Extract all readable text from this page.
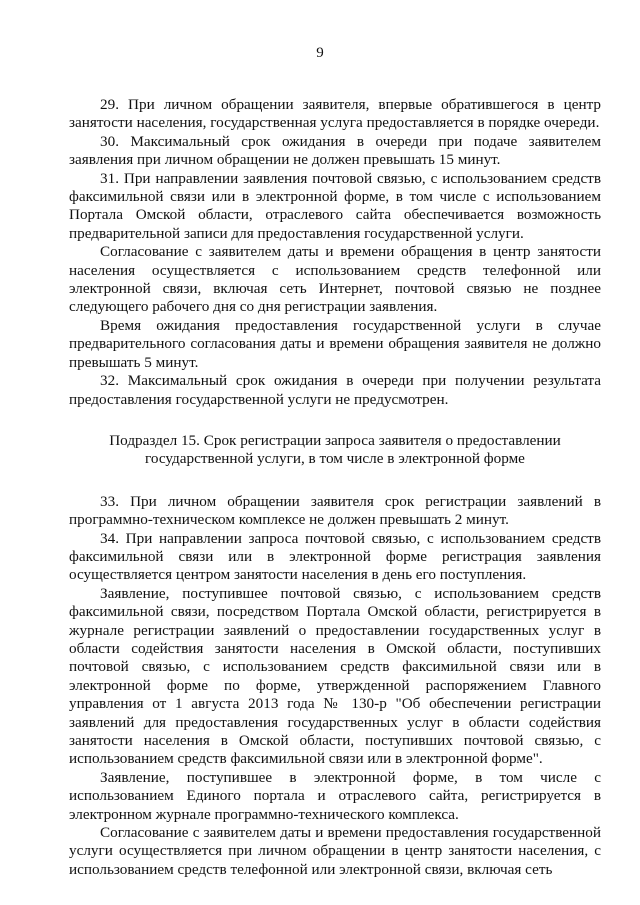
9

29. При личном обращении заявителя, впервые обратившегося в центр занятости населения, государственная услуга предоставляется в порядке очереди.

30. Максимальный срок ожидания в очереди при подаче заявителем заявления при личном обращении не должен превышать 15 минут.

31. При направлении заявления почтовой связью, с использованием средств факсимильной связи или в электронной форме, в том числе с использованием Портала Омской области, отраслевого сайта обеспечивается возможность предварительной записи для предоставления государственной услуги.

Согласование с заявителем даты и времени обращения в центр занятости населения осуществляется с использованием средств телефонной или электронной связи, включая сеть Интернет, почтовой связью не позднее следующего рабочего дня со дня регистрации заявления.

Время ожидания предоставления государственной услуги в случае предварительного согласования даты и времени обращения заявителя не должно превышать 5 минут.

32. Максимальный срок ожидания в очереди при получении результата предоставления государственной услуги не предусмотрен.

Подраздел 15. Срок регистрации запроса заявителя о предоставлении государственной услуги, в том числе в электронной форме

33. При личном обращении заявителя срок регистрации заявлений в программно-техническом комплексе не должен превышать 2 минут.

34. При направлении запроса почтовой связью, с использованием средств факсимильной связи или в электронной форме регистрация заявления осуществляется центром занятости населения в день его поступления.

Заявление, поступившее почтовой связью, с использованием средств факсимильной связи, посредством Портала Омской области, регистрируется в журнале регистрации заявлений о предоставлении государственных услуг в области содействия занятости населения в Омской области, поступивших почтовой связью, с использованием средств факсимильной связи или в электронной форме по форме, утвержденной распоряжением Главного управления от 1 августа 2013 года № 130-р "Об обеспечении регистрации заявлений для предоставления государственных услуг в области содействия занятости населения в Омской области, поступивших почтовой связью, с использованием средств факсимильной связи или в электронной форме".

Заявление, поступившее в электронной форме, в том числе с использованием Единого портала и отраслевого сайта, регистрируется в электронном журнале программно-технического комплекса.

Согласование с заявителем даты и времени предоставления государственной услуги осуществляется при личном обращении в центр занятости населения, с использованием средств телефонной или электронной связи, включая сеть
